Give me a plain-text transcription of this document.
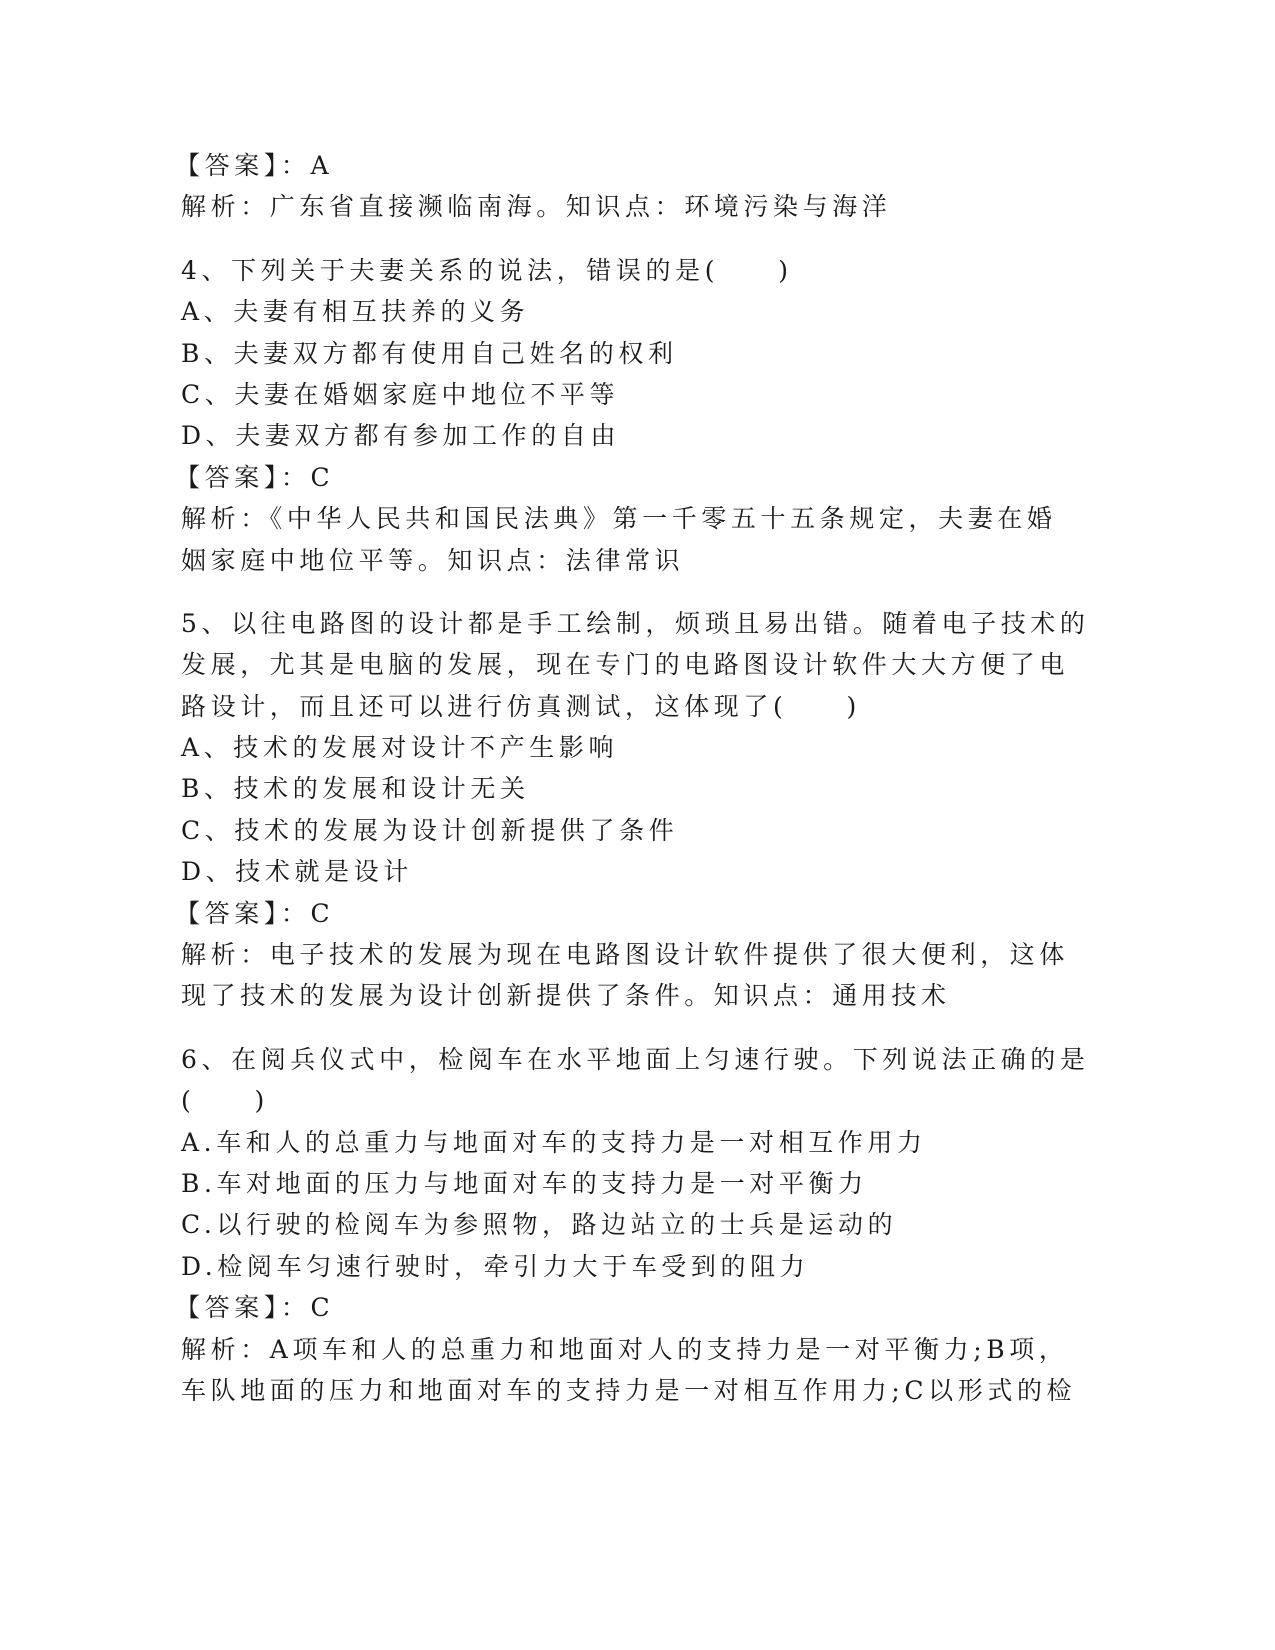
【答案】：A
解析：广东省直接濒临南海。知识点：环境污染与海洋
4、下列关于夫妻关系的说法，错误的是(　　)
A、夫妻有相互扶养的义务
B、夫妻双方都有使用自己姓名的权利
C、夫妻在婚姻家庭中地位不平等
D、夫妻双方都有参加工作的自由
【答案】：C
解析：《中华人民共和国民法典》第一千零五十五条规定，夫妻在婚
姻家庭中地位平等。知识点：法律常识
5、以往电路图的设计都是手工绘制，烦琐且易出错。随着电子技术的
发展，尤其是电脑的发展，现在专门的电路图设计软件大大方便了电
路设计，而且还可以进行仿真测试，这体现了(　　)
A、技术的发展对设计不产生影响
B、技术的发展和设计无关
C、技术的发展为设计创新提供了条件
D、技术就是设计
【答案】：C
解析：电子技术的发展为现在电路图设计软件提供了很大便利，这体
现了技术的发展为设计创新提供了条件。知识点：通用技术
6、在阅兵仪式中，检阅车在水平地面上匀速行驶。下列说法正确的是
(　　)
A.车和人的总重力与地面对车的支持力是一对相互作用力
B.车对地面的压力与地面对车的支持力是一对平衡力
C.以行驶的检阅车为参照物，路边站立的士兵是运动的
D.检阅车匀速行驶时，牵引力大于车受到的阻力
【答案】：C
解析：A项车和人的总重力和地面对人的支持力是一对平衡力;B项，
车队地面的压力和地面对车的支持力是一对相互作用力;C以形式的检
